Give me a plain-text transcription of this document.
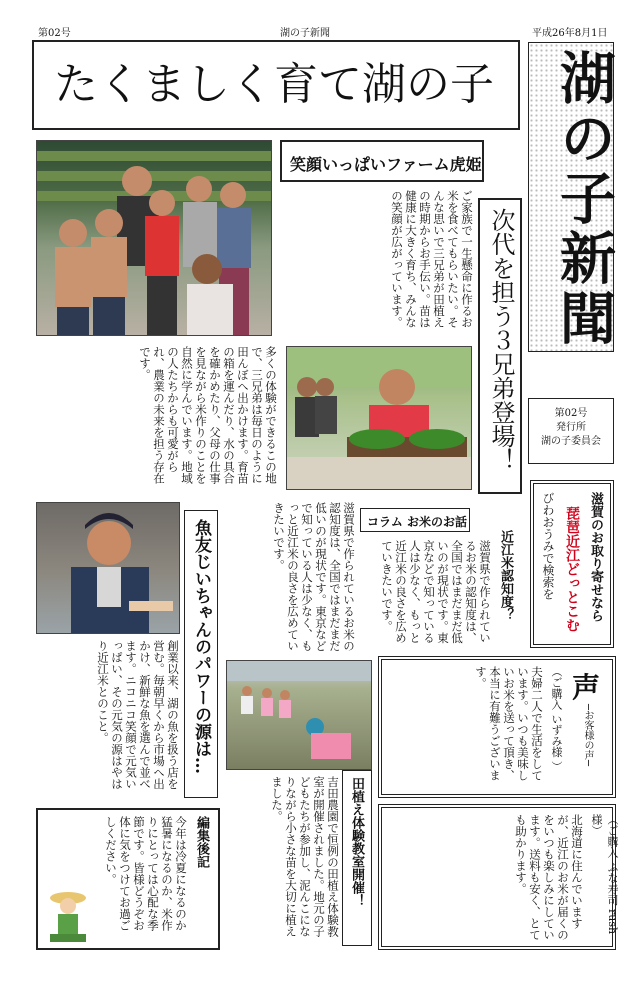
第02号	湖の子新聞	平成26年8月1日
たくましく育て湖の子 湖の子新聞
第02号
発行所
湖の子委員会
笑顔いっぱいファーム虎姫
ご家族で一生懸命に作るお米を食べてもらいたい。そんな思いで三兄弟が田植えの時期からお手伝い。苗は健康に大きく育ち、みんなの笑顔が広がっています。	次代を担う３兄弟登場！
多くの体験ができるこの地で、三兄弟は毎日のように田んぼへ出かけます。育苗の箱を運んだり、水の具合を確かめたり、父母の仕事を見ながら米作りのことを自然に学んでいます。地域の人たちからも可愛がられ、農業の未来を担う存在です。
魚友じいちゃんのパワーの源は…
創業以来、湖の魚を扱う店を営む。毎朝早くから市場へ出かけ、新鮮な魚を選んで並べます。ニコニコ笑顔で元気いっぱい、その元気の源はやはり近江米とのこと。
滋賀県で作られているお米の認知度は、全国ではまだまだ低いのが現状です。東京などで知っている人は少なく、もっと近江米の良さを広めていきたいです。	コラム お米のお話
近江米認知度？
滋賀県で作られているお米の認知度は、全国ではまだまだ低いのが現状です。東京などで知っている人は少なく、もっと近江米の良さを広めていきたいです。	滋賀のお取り寄せなら
琵琶近江どっとこむ
びわおうみで検索を
田植え体験教室開催！
吉田農園で恒例の田植え体験教室が開催されました。地元の子どもたちが参加し、泥んこになりながら小さな苗を大切に植えました。
声
─お客様の声─
（ご購入 いずみ様 ）
夫婦二人で生活をしています。いつも美味しいお米を送って頂き、本当に有難うございます。
（ご購入 ふな寿司 rush様）
北海道に住んでいますが、近江のお米が届くのをいつも楽しみにしています。送料も安く、とても助かります。
編集後記
今年は冷夏になるのか猛暑になるのか、米作りにとっては心配な季節です。皆様どうぞお体に気をつけてお過ごしください。
